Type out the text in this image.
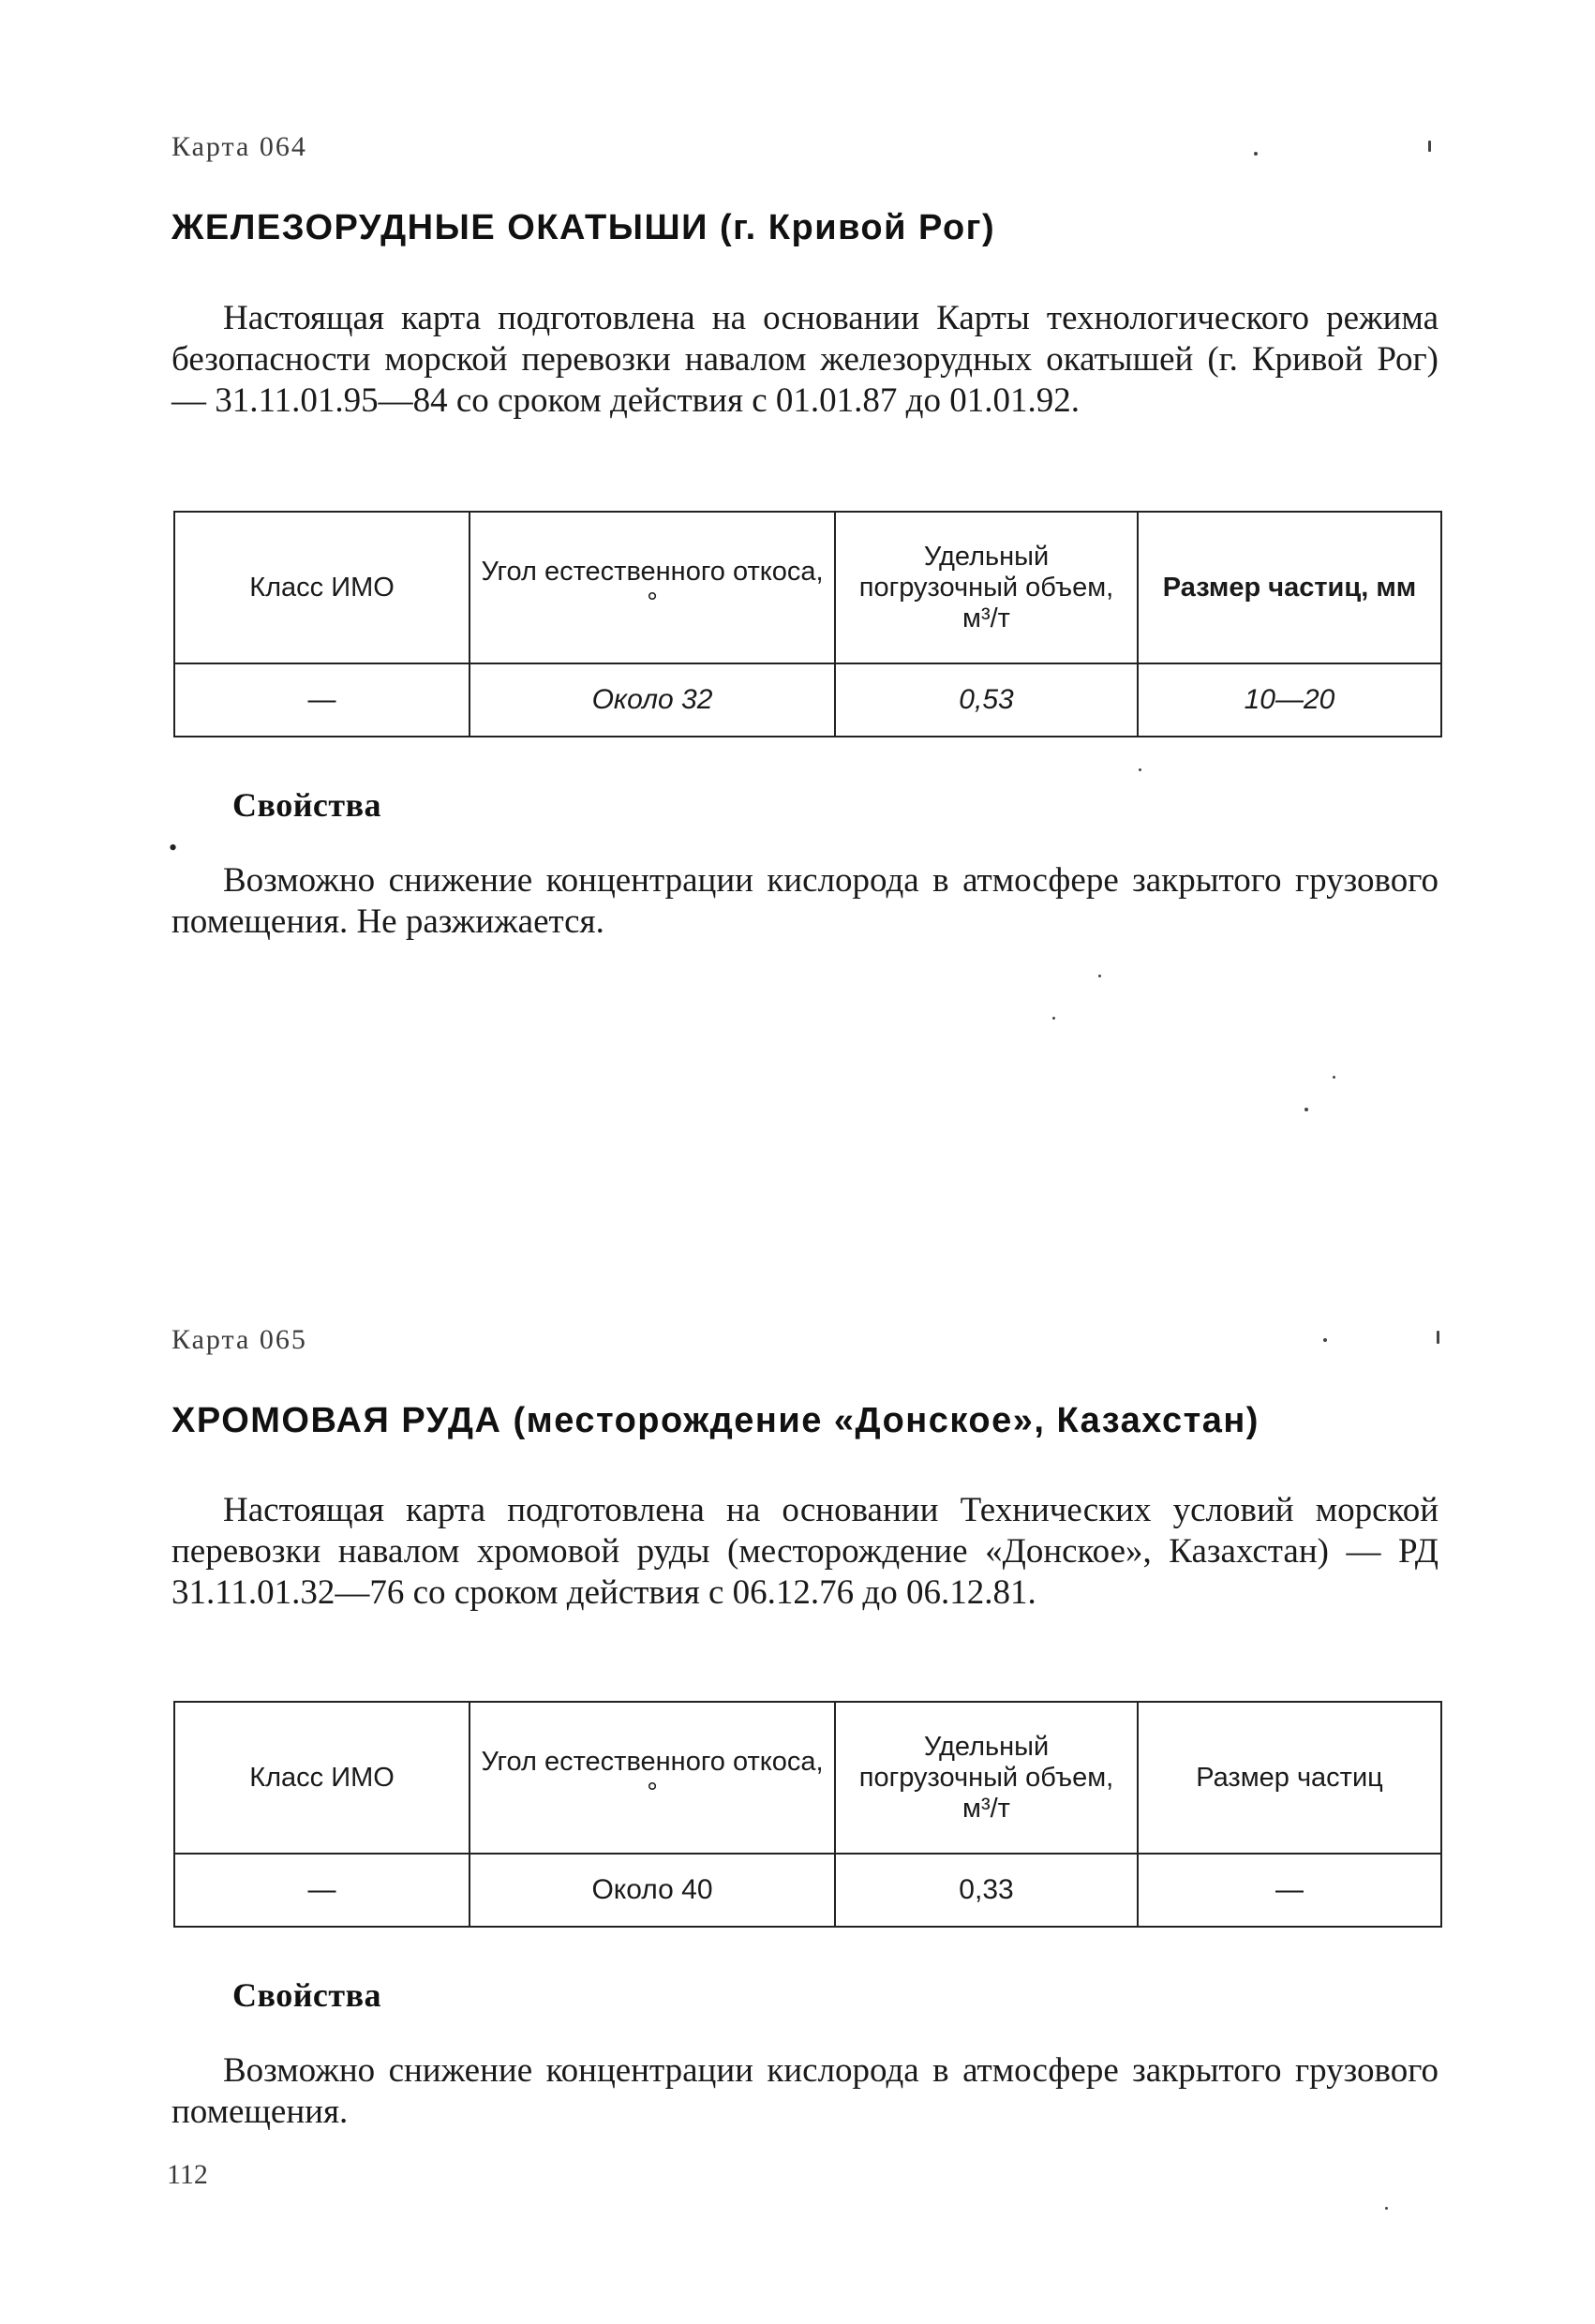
Карта 064
ЖЕЛЕЗОРУДНЫЕ ОКАТЫШИ (г. Кривой Рог)
Настоящая карта подготовлена на основании Карты технологического режима безопасности морской перевозки навалом железорудных окатышей (г. Кривой Рог) — 31.11.01.95—84 со сроком действия с 01.01.87 до 01.01.92.
Класс ИМО	Угол естественного откоса, °	Удельный погрузочный объем, м³/т	Размер частиц, мм
—	Около 32	0,53	10—20
Свойства
•
Возможно снижение концентрации кислорода в атмосфере закрытого грузового помещения. Не разжижается.
Карта 065
ХРОМОВАЯ РУДА (месторождение «Донское», Казахстан)
Настоящая карта подготовлена на основании Технических условий морской перевозки навалом хромовой руды (месторождение «Донское», Казахстан) — РД 31.11.01.32—76 со сроком действия с 06.12.76 до 06.12.81.
Класс ИМО	Угол естественного откоса, °	Удельный погрузочный объем, м³/т	Размер частиц
—	Около 40	0,33	—
Свойства
Возможно снижение концентрации кислорода в атмосфере закрытого грузового помещения.
112
